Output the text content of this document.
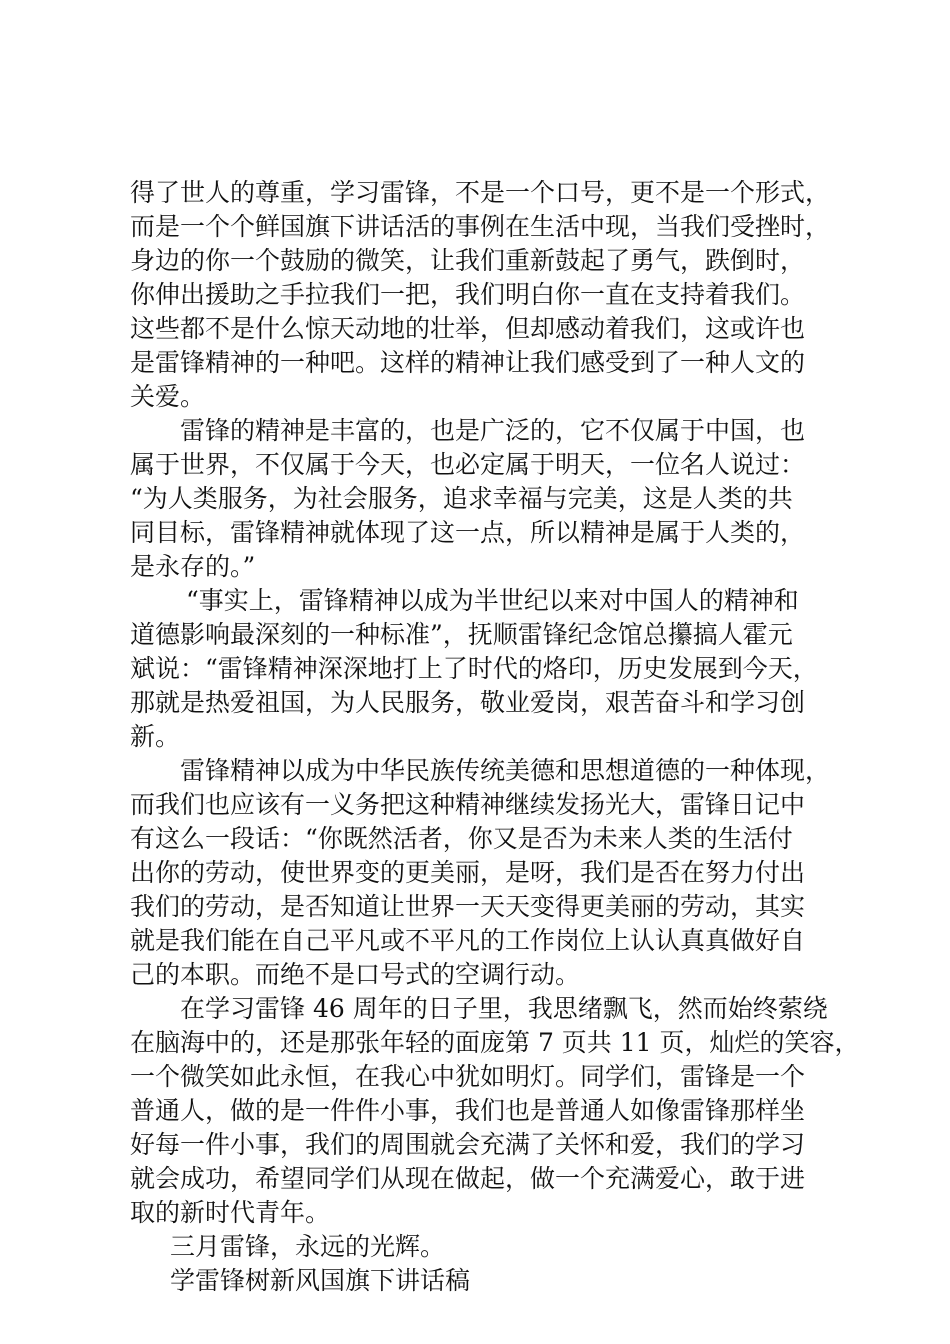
得了世人的尊重，学习雷锋，不是一个口号，更不是一个形式，
而是一个个鲜国旗下讲话活的事例在生活中现，当我们受挫时，
身边的你一个鼓励的微笑，让我们重新鼓起了勇气，跌倒时，
你伸出援助之手拉我们一把，我们明白你一直在支持着我们。
这些都不是什么惊天动地的壮举，但却感动着我们，这或许也
是雷锋精神的一种吧。这样的精神让我们感受到了一种人文的
关爱。
雷锋的精神是丰富的，也是广泛的，它不仅属于中国，也
属于世界，不仅属于今天，也必定属于明天，一位名人说过：
“为人类服务，为社会服务，追求幸福与完美，这是人类的共
同目标，雷锋精神就体现了这一点，所以精神是属于人类的，
是永存的。”
“事实上，雷锋精神以成为半世纪以来对中国人的精神和
道德影响最深刻的一种标准”，抚顺雷锋纪念馆总攥搞人霍元
斌说：“雷锋精神深深地打上了时代的烙印，历史发展到今天，
那就是热爱祖国，为人民服务，敬业爱岗，艰苦奋斗和学习创
新。
雷锋精神以成为中华民族传统美德和思想道德的一种体现，
而我们也应该有一义务把这种精神继续发扬光大，雷锋日记中
有这么一段话：“你既然活者，你又是否为未来人类的生活付
出你的劳动，使世界变的更美丽，是呀，我们是否在努力付出
我们的劳动，是否知道让世界一天天变得更美丽的劳动，其实
就是我们能在自己平凡或不平凡的工作岗位上认认真真做好自
己的本职。而绝不是口号式的空调行动。
在学习雷锋 46 周年的日子里，我思绪飘飞，然而始终萦绕
在脑海中的，还是那张年轻的面庞第 7 页共 11 页，灿烂的笑容，
一个微笑如此永恒，在我心中犹如明灯。同学们，雷锋是一个
普通人，做的是一件件小事，我们也是普通人如像雷锋那样坐
好每一件小事，我们的周围就会充满了关怀和爱，我们的学习
就会成功，希望同学们从现在做起，做一个充满爱心，敢于进
取的新时代青年。
三月雷锋，永远的光辉。
学雷锋树新风国旗下讲话稿
